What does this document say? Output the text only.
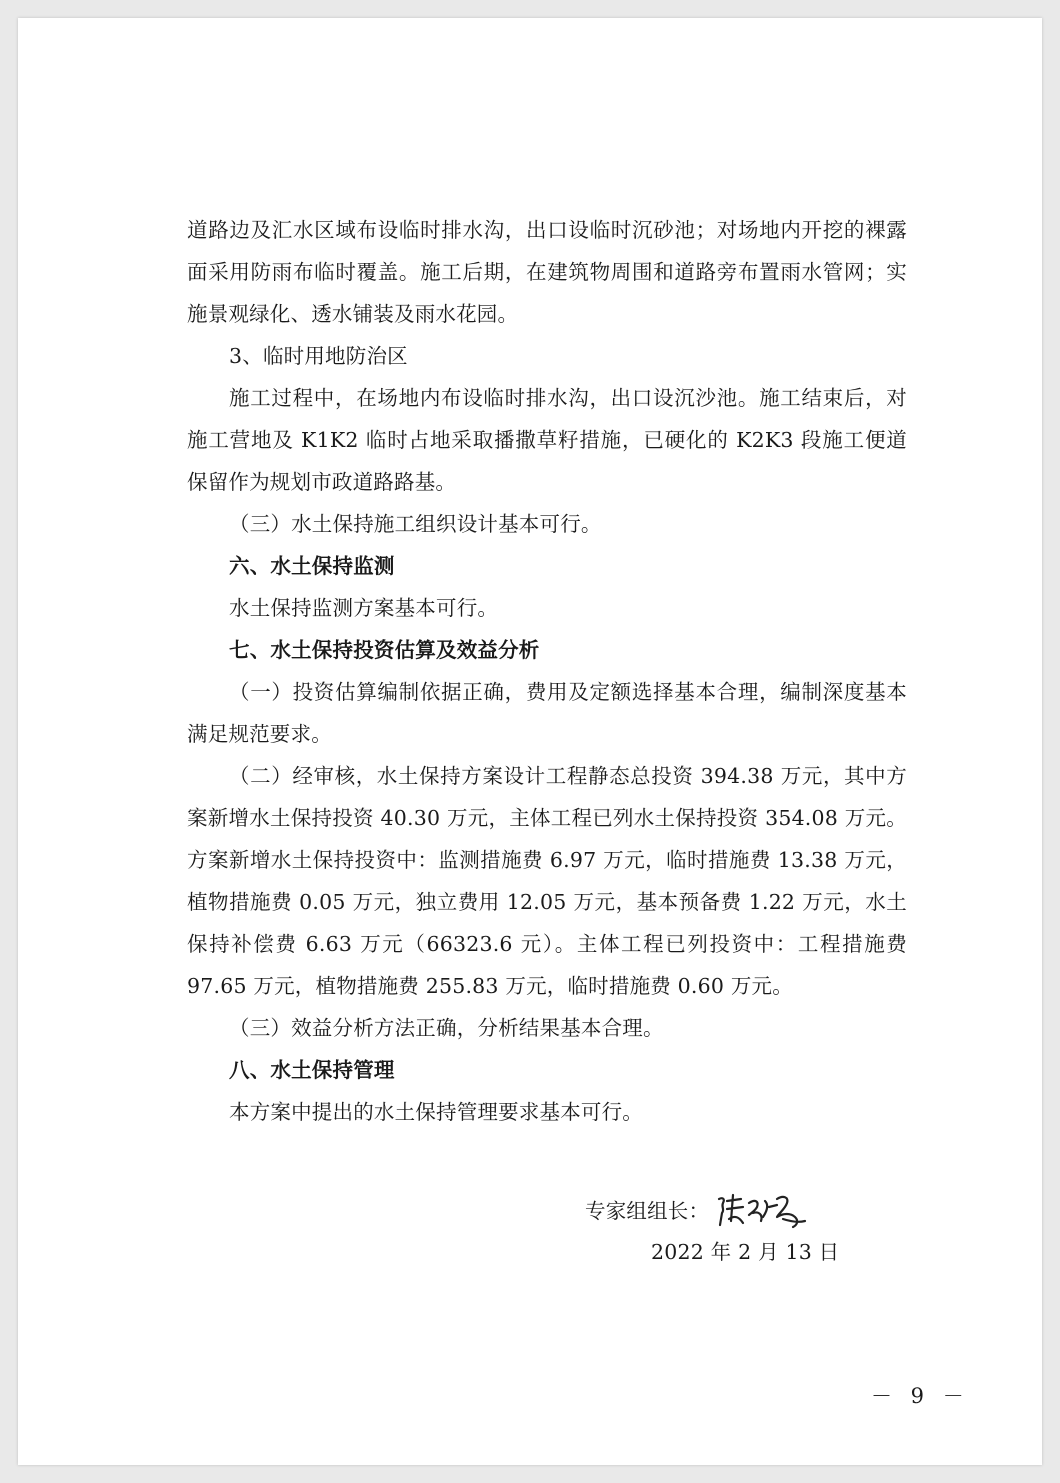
道路边及汇水区域布设临时排水沟，出口设临时沉砂池；对场地内开挖的裸露面采用防雨布临时覆盖。施工后期，在建筑物周围和道路旁布置雨水管网；实施景观绿化、透水铺装及雨水花园。

3、临时用地防治区

施工过程中，在场地内布设临时排水沟，出口设沉沙池。施工结束后，对施工营地及 K1K2 临时占地采取播撒草籽措施，已硬化的 K2K3 段施工便道保留作为规划市政道路路基。

（三）水土保持施工组织设计基本可行。

六、水土保持监测

水土保持监测方案基本可行。

七、水土保持投资估算及效益分析

（一）投资估算编制依据正确，费用及定额选择基本合理，编制深度基本满足规范要求。

（二）经审核，水土保持方案设计工程静态总投资 394.38 万元，其中方案新增水土保持投资 40.30 万元，主体工程已列水土保持投资 354.08 万元。方案新增水土保持投资中：监测措施费 6.97 万元，临时措施费 13.38 万元，植物措施费 0.05 万元，独立费用 12.05 万元，基本预备费 1.22 万元，水土保持补偿费 6.63 万元（66323.6 元）。主体工程已列投资中：工程措施费 97.65 万元，植物措施费 255.83 万元，临时措施费 0.60 万元。

（三）效益分析方法正确，分析结果基本合理。

八、水土保持管理

本方案中提出的水土保持管理要求基本可行。

专家组组长：

2022 年 2 月 13 日

－ 9 －
